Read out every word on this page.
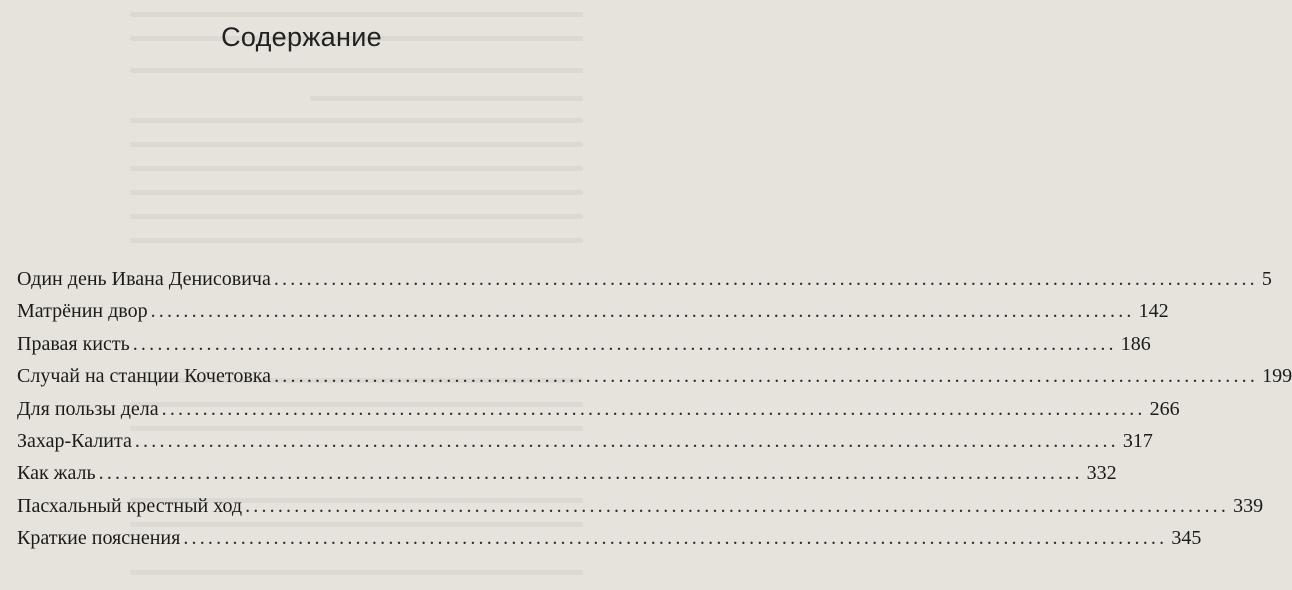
Содержание
Один день Ивана Денисовича ........................................................................................................................ 5
Матрёнин двор ........................................................................................................................ 142
Правая кисть ........................................................................................................................ 186
Случай на станции Кочетовка ........................................................................................................................ 199
Для пользы дела ........................................................................................................................ 266
Захар-Калита ........................................................................................................................ 317
Как жаль ........................................................................................................................ 332
Пасхальный крестный ход ........................................................................................................................ 339
Краткие пояснения ........................................................................................................................ 345
